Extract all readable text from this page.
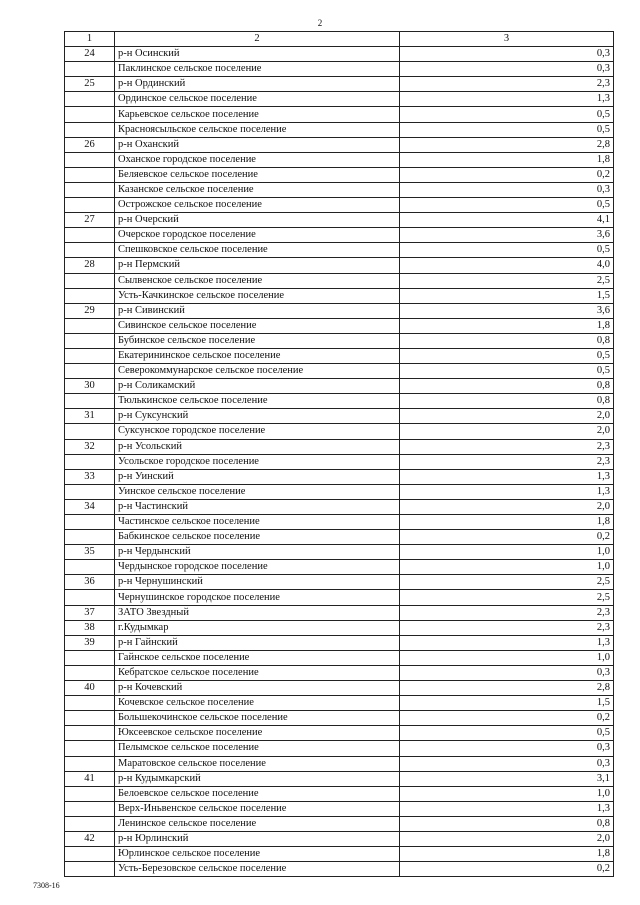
2
1	2	3
24	р-н Осинский	0,3
	Паклинское сельское поселение	0,3
25	р-н Ординский	2,3
	Ординское сельское поселение	1,3
	Карьевское сельское поселение	0,5
	Красноясыльское сельское поселение	0,5
26	р-н Оханский	2,8
	Оханское городское поселение	1,8
	Беляевское сельское поселение	0,2
	Казанское сельское поселение	0,3
	Острожское сельское поселение	0,5
27	р-н Очерский	4,1
	Очерское городское поселение	3,6
	Спешковское сельское поселение	0,5
28	р-н Пермский	4,0
	Сылвенское сельское поселение	2,5
	Усть-Качкинское сельское поселение	1,5
29	р-н Сивинский	3,6
	Сивинское сельское поселение	1,8
	Бубинское сельское поселение	0,8
	Екатерининское сельское поселение	0,5
	Северокоммунарское сельское поселение	0,5
30	р-н Соликамский	0,8
	Тюлькинское сельское поселение	0,8
31	р-н Суксунский	2,0
	Суксунское городское поселение	2,0
32	р-н Усольский	2,3
	Усольское городское поселение	2,3
33	р-н Уинский	1,3
	Уинское сельское поселение	1,3
34	р-н Частинский	2,0
	Частинское сельское поселение	1,8
	Бабкинское сельское поселение	0,2
35	р-н Чердынский	1,0
	Чердынское городское поселение	1,0
36	р-н Чернушинский	2,5
	Чернушинское городское поселение	2,5
37	ЗАТО Звездный	2,3
38	г.Кудымкар	2,3
39	р-н Гайнский	1,3
	Гайнское сельское поселение	1,0
	Кебратское сельское поселение	0,3
40	р-н Кочевский	2,8
	Кочевское сельское поселение	1,5
	Большекочинское сельское поселение	0,2
	Юксеевское сельское поселение	0,5
	Пелымское сельское поселение	0,3
	Маратовское сельское поселение	0,3
41	р-н Кудымкарский	3,1
	Белоевское сельское поселение	1,0
	Верх-Иньвенское сельское поселение	1,3
	Ленинское сельское поселение	0,8
42	р-н Юрлинский	2,0
	Юрлинское сельское поселение	1,8
	Усть-Березовское сельское поселение	0,2
7308-16
